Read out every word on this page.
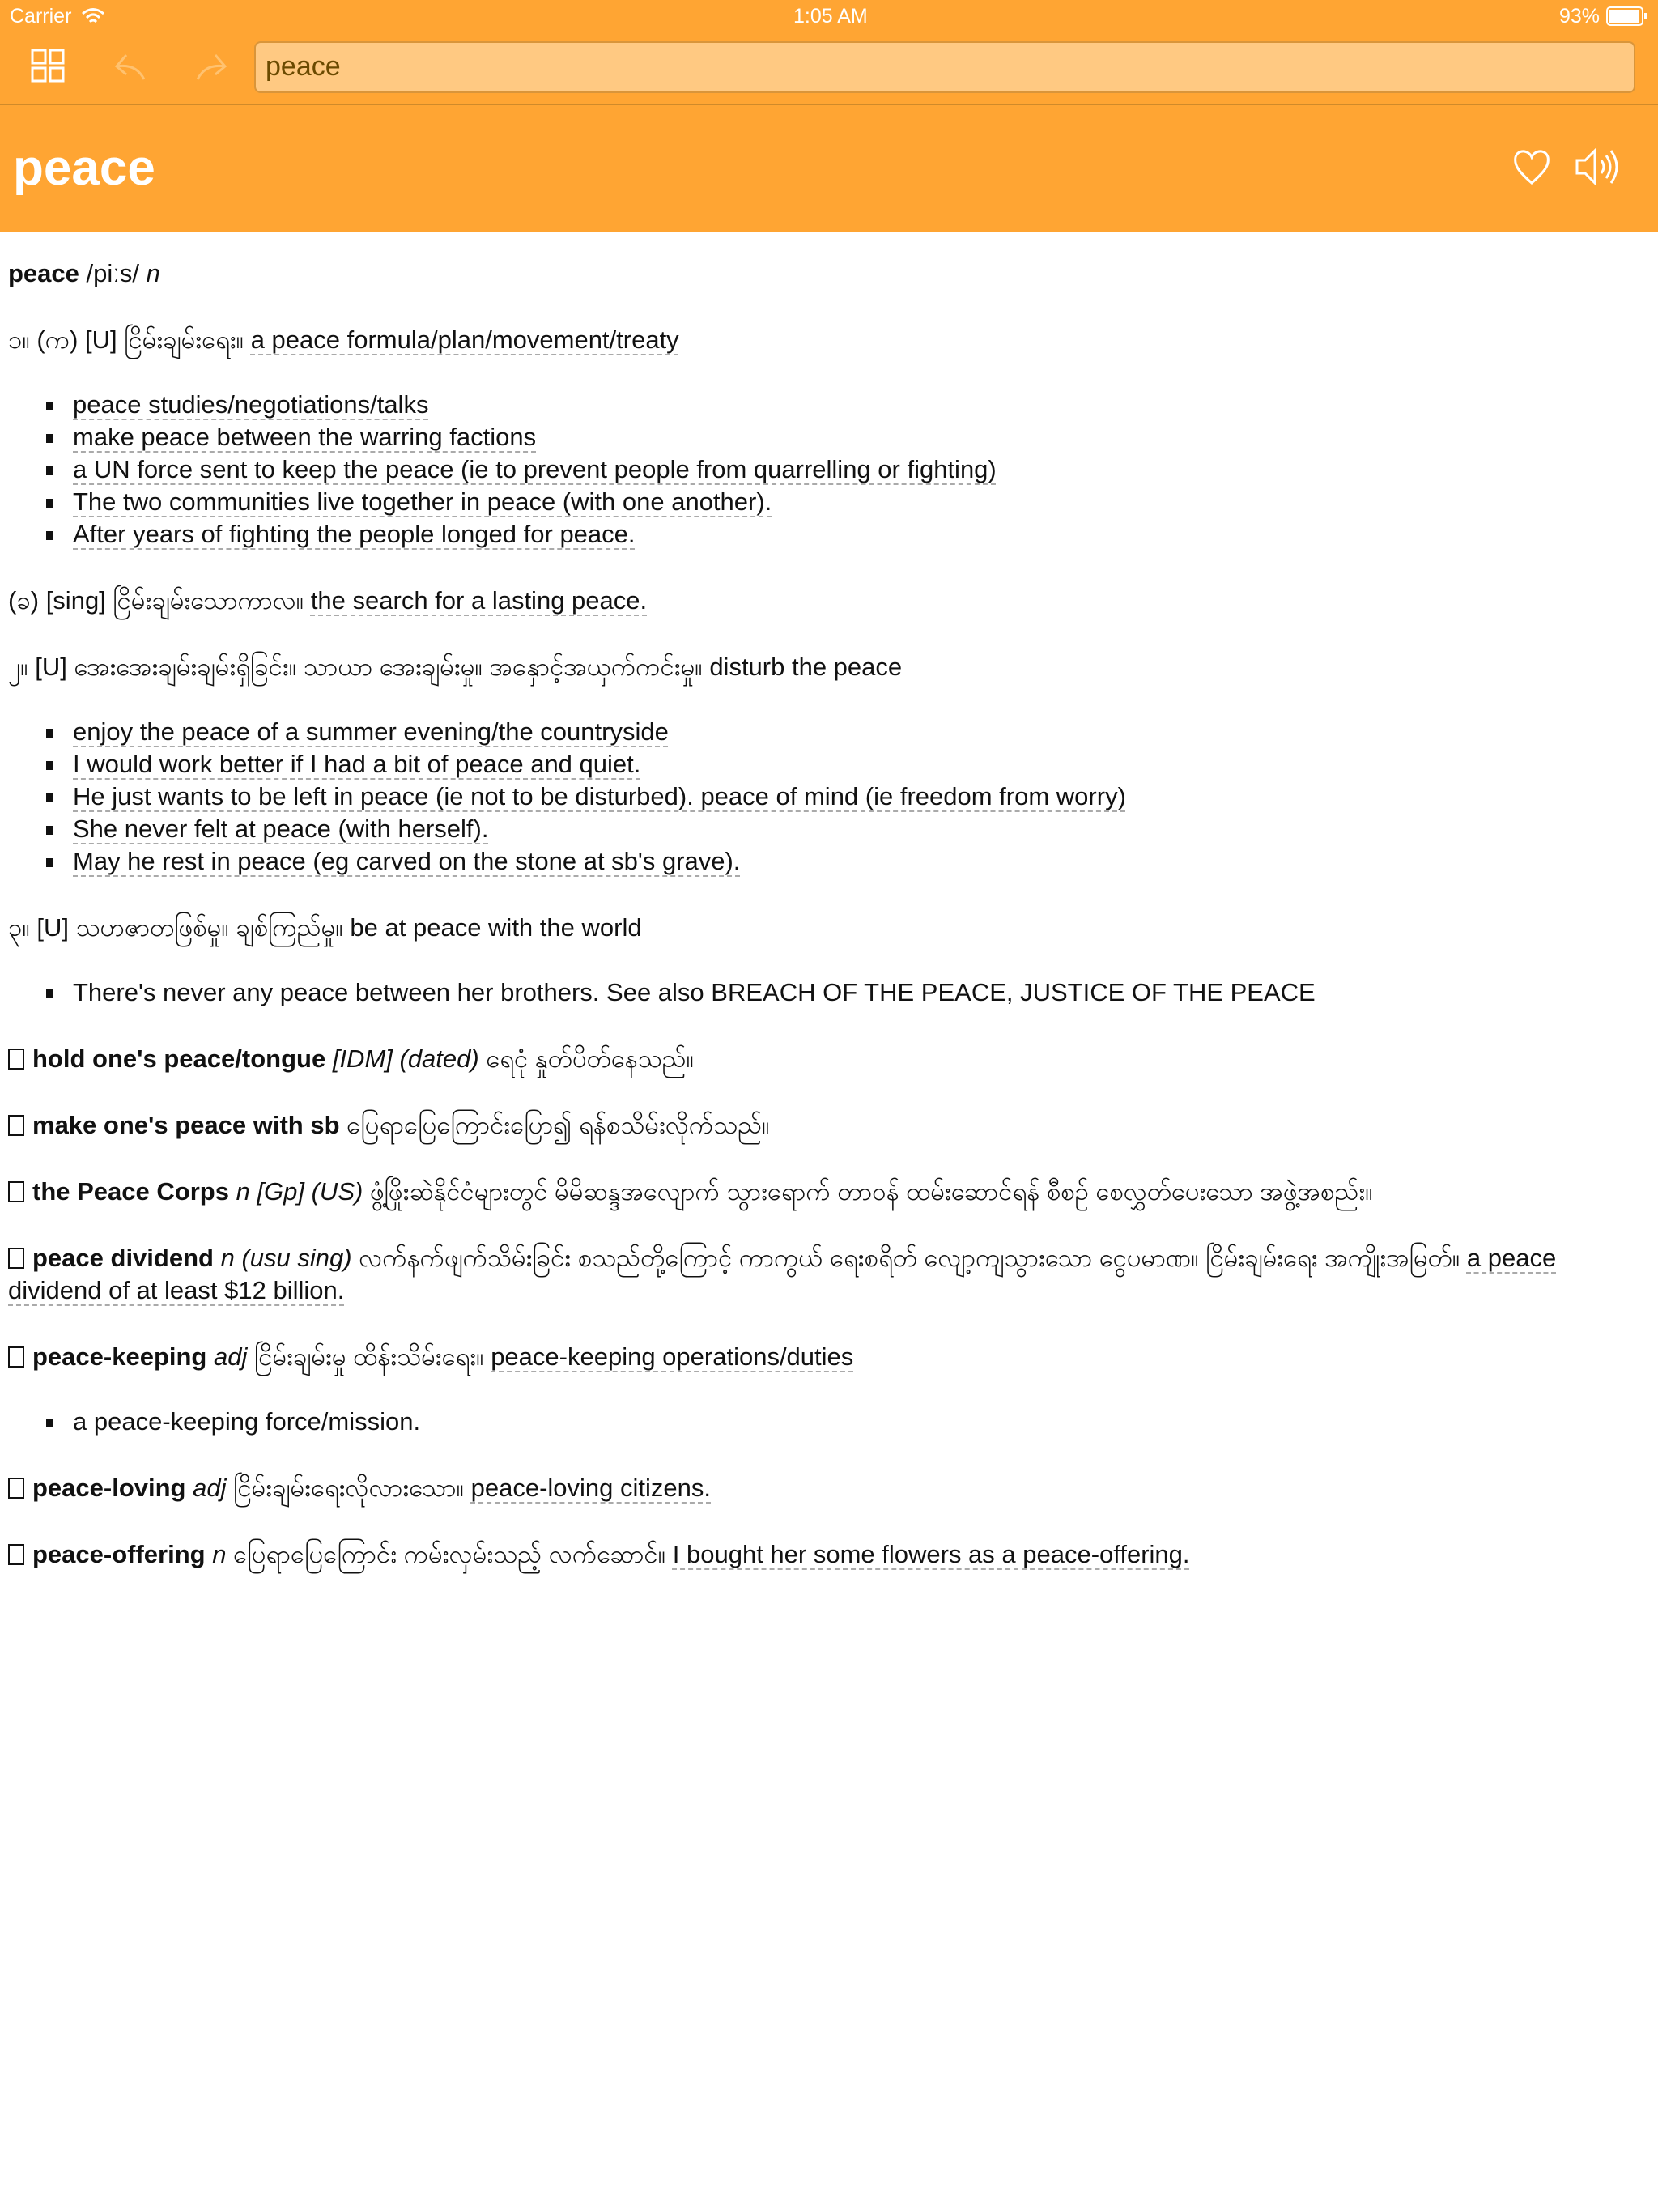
Carrier	1:05 AM	93%
peace
peace

peace /piːs/ n

၁။ (က) [U] ငြိမ်းချမ်းရေး။ a peace formula/plan/movement/treaty

peace studies/negotiations/talks
make peace between the warring factions
a UN force sent to keep the peace (ie to prevent people from quarrelling or fighting)
The two communities live together in peace (with one another).
After years of fighting the people longed for peace.

(ခ) [sing] ငြိမ်းချမ်းသောကာလ။ the search for a lasting peace.

၂။ [U] အေးအေးချမ်းချမ်းရှိခြင်း။ သာယာ အေးချမ်းမှု။ အနှောင့်အယှက်ကင်းမှု။ disturb the peace

enjoy the peace of a summer evening/the countryside
I would work better if I had a bit of peace and quiet.
He just wants to be left in peace (ie not to be disturbed). peace of mind (ie freedom from worry)
She never felt at peace (with herself).
May he rest in peace (eg carved on the stone at sb's grave).

၃။ [U] သဟဇာတဖြစ်မှု။ ချစ်ကြည်မှု။ be at peace with the world

There's never any peace between her brothers. See also BREACH OF THE PEACE, JUSTICE OF THE PEACE

hold one's peace/tongue [IDM] (dated) ရေငုံ နှုတ်ပိတ်နေသည်။

make one's peace with sb ပြေရာပြေကြောင်းပြော၍ ရန်စသိမ်းလိုက်သည်။

the Peace Corps n [Gp] (US) ဖွံ့ဖြိုးဆဲနိုင်ငံများတွင် မိမိဆန္ဒအလျောက် သွားရောက် တာဝန် ထမ်းဆောင်ရန် စီစဉ် စေလွှတ်ပေးသော အဖွဲ့အစည်း။

peace dividend n (usu sing) လက်နက်ဖျက်သိမ်းခြင်း စသည်တို့ကြောင့် ကာကွယ် ရေးစရိတ် လျော့ကျသွားသော ငွေပမာဏ။ ငြိမ်းချမ်းရေး အကျိုးအမြတ်။ a peace dividend of at least $12 billion.

peace-keeping adj ငြိမ်းချမ်းမှု ထိန်းသိမ်းရေး။ peace-keeping operations/duties

a peace-keeping force/mission.

peace-loving adj ငြိမ်းချမ်းရေးလိုလားသော။ peace-loving citizens.

peace-offering n ပြေရာပြေကြောင်း ကမ်းလှမ်းသည့် လက်ဆောင်။ I bought her some flowers as a peace-offering.
